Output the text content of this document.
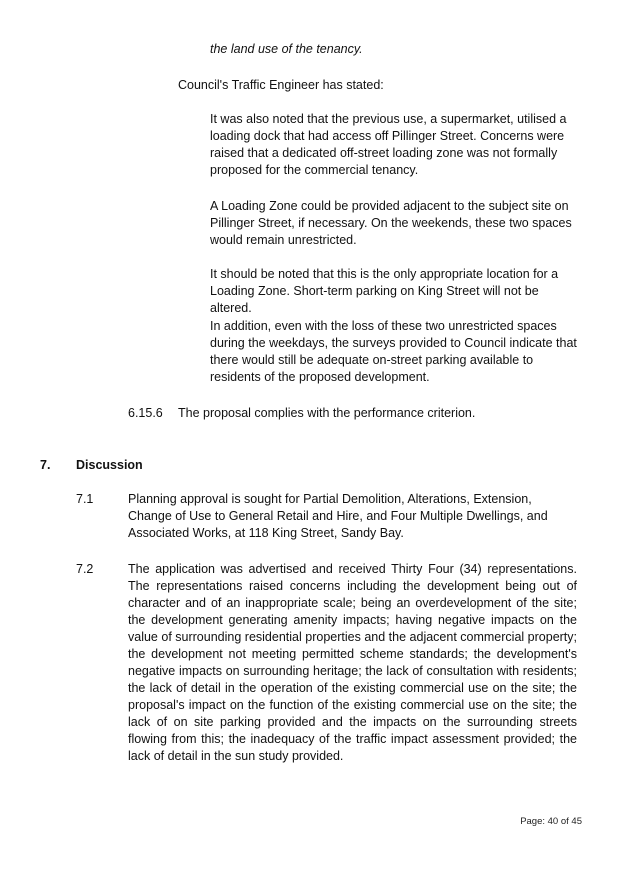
the land use of the tenancy.

Council's Traffic Engineer has stated:

It was also noted that the previous use, a supermarket, utilised a loading dock that had access off Pillinger Street. Concerns were raised that a dedicated off-street loading zone was not formally proposed for the commercial tenancy.

A Loading Zone could be provided adjacent to the subject site on Pillinger Street, if necessary. On the weekends, these two spaces would remain unrestricted.

It should be noted that this is the only appropriate location for a Loading Zone. Short-term parking on King Street will not be altered.

In addition, even with the loss of these two unrestricted spaces during the weekdays, the surveys provided to Council indicate that there would still be adequate on-street parking available to residents of the proposed development.

6.15.6 The proposal complies with the performance criterion.

7. Discussion
7.1	Planning approval is sought for Partial Demolition, Alterations, Extension, Change of Use to General Retail and Hire, and Four Multiple Dwellings, and Associated Works, at 118 King Street, Sandy Bay.

7.2	The application was advertised and received Thirty Four (34) representations. The representations raised concerns including the development being out of character and of an inappropriate scale; being an overdevelopment of the site; the development generating amenity impacts; having negative impacts on the value of surrounding residential properties and the adjacent commercial property; the development not meeting permitted scheme standards; the development's negative impacts on surrounding heritage; the lack of consultation with residents; the lack of detail in the operation of the existing commercial use on the site; the proposal's impact on the function of the existing commercial use on the site; the lack of on site parking provided and the impacts on the surrounding streets flowing from this; the inadequacy of the traffic impact assessment provided; the lack of detail in the sun study provided.

Page: 40 of 45
